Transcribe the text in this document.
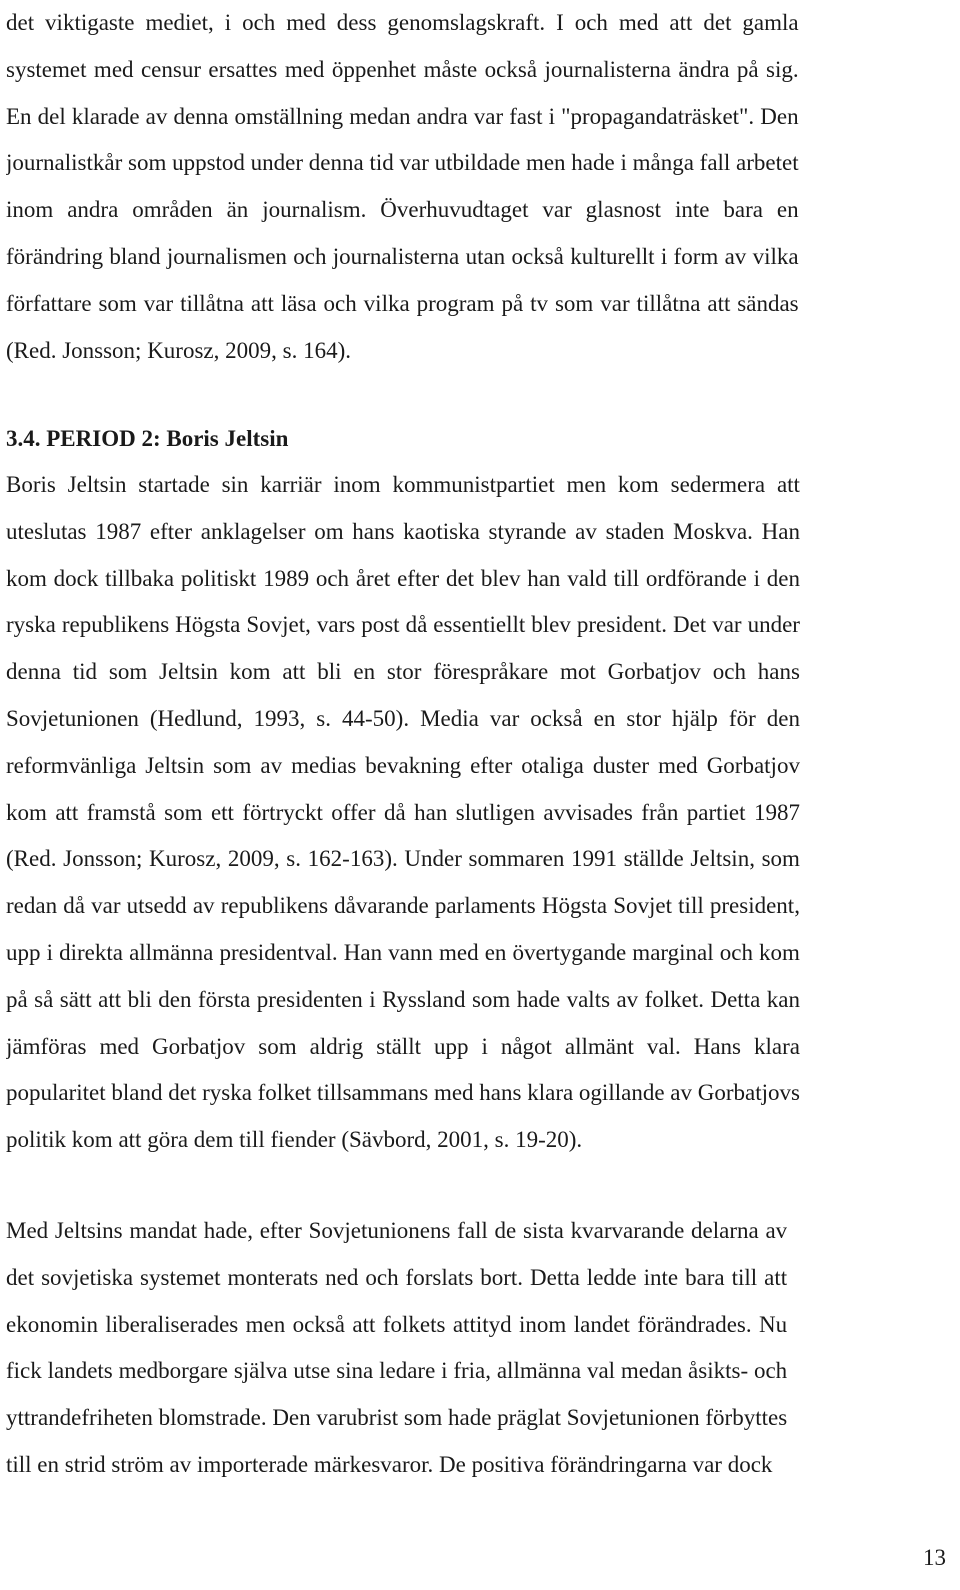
det viktigaste mediet, i och med dess genomslagskraft. I och med att det gamla
systemet med censur ersattes med öppenhet måste också journalisterna ändra på sig.
En del klarade av denna omställning medan andra var fast i "propagandaträsket". Den
journalistkår som uppstod under denna tid var utbildade men hade i många fall arbetet
inom andra områden än journalism. Överhuvudtaget var glasnost inte bara en
förändring bland journalismen och journalisterna utan också kulturellt i form av vilka
författare som var tillåtna att läsa och vilka program på tv som var tillåtna att sändas
(Red. Jonsson; Kurosz, 2009, s. 164).
3.4. PERIOD 2: Boris Jeltsin
Boris Jeltsin startade sin karriär inom kommunistpartiet men kom sedermera att
uteslutas 1987 efter anklagelser om hans kaotiska styrande av staden Moskva. Han
kom dock tillbaka politiskt 1989 och året efter det blev han vald till ordförande i den
ryska republikens Högsta Sovjet, vars post då essentiellt blev president. Det var under
denna tid som Jeltsin kom att bli en stor förespråkare mot Gorbatjov och hans
Sovjetunionen (Hedlund, 1993, s. 44-50). Media var också en stor hjälp för den
reformvänliga Jeltsin som av medias bevakning efter otaliga duster med Gorbatjov
kom att framstå som ett förtryckt offer då han slutligen avvisades från partiet 1987
(Red. Jonsson; Kurosz, 2009, s. 162-163). Under sommaren 1991 ställde Jeltsin, som
redan då var utsedd av republikens dåvarande parlaments Högsta Sovjet till president,
upp i direkta allmänna presidentval. Han vann med en övertygande marginal och kom
på så sätt att bli den första presidenten i Ryssland som hade valts av folket. Detta kan
jämföras med Gorbatjov som aldrig ställt upp i något allmänt val. Hans klara
popularitet bland det ryska folket tillsammans med hans klara ogillande av Gorbatjovs
politik kom att göra dem till fiender (Sävbord, 2001, s. 19-20).
Med Jeltsins mandat hade, efter Sovjetunionens fall de sista kvarvarande delarna av
det sovjetiska systemet monterats ned och forslats bort. Detta ledde inte bara till att
ekonomin liberaliserades men också att folkets attityd inom landet förändrades. Nu
fick landets medborgare själva utse sina ledare i fria, allmänna val medan åsikts- och
yttrandefriheten blomstrade. Den varubrist som hade präglat Sovjetunionen förbyttes
till en strid ström av importerade märkesvaror. De positiva förändringarna var dock
13
